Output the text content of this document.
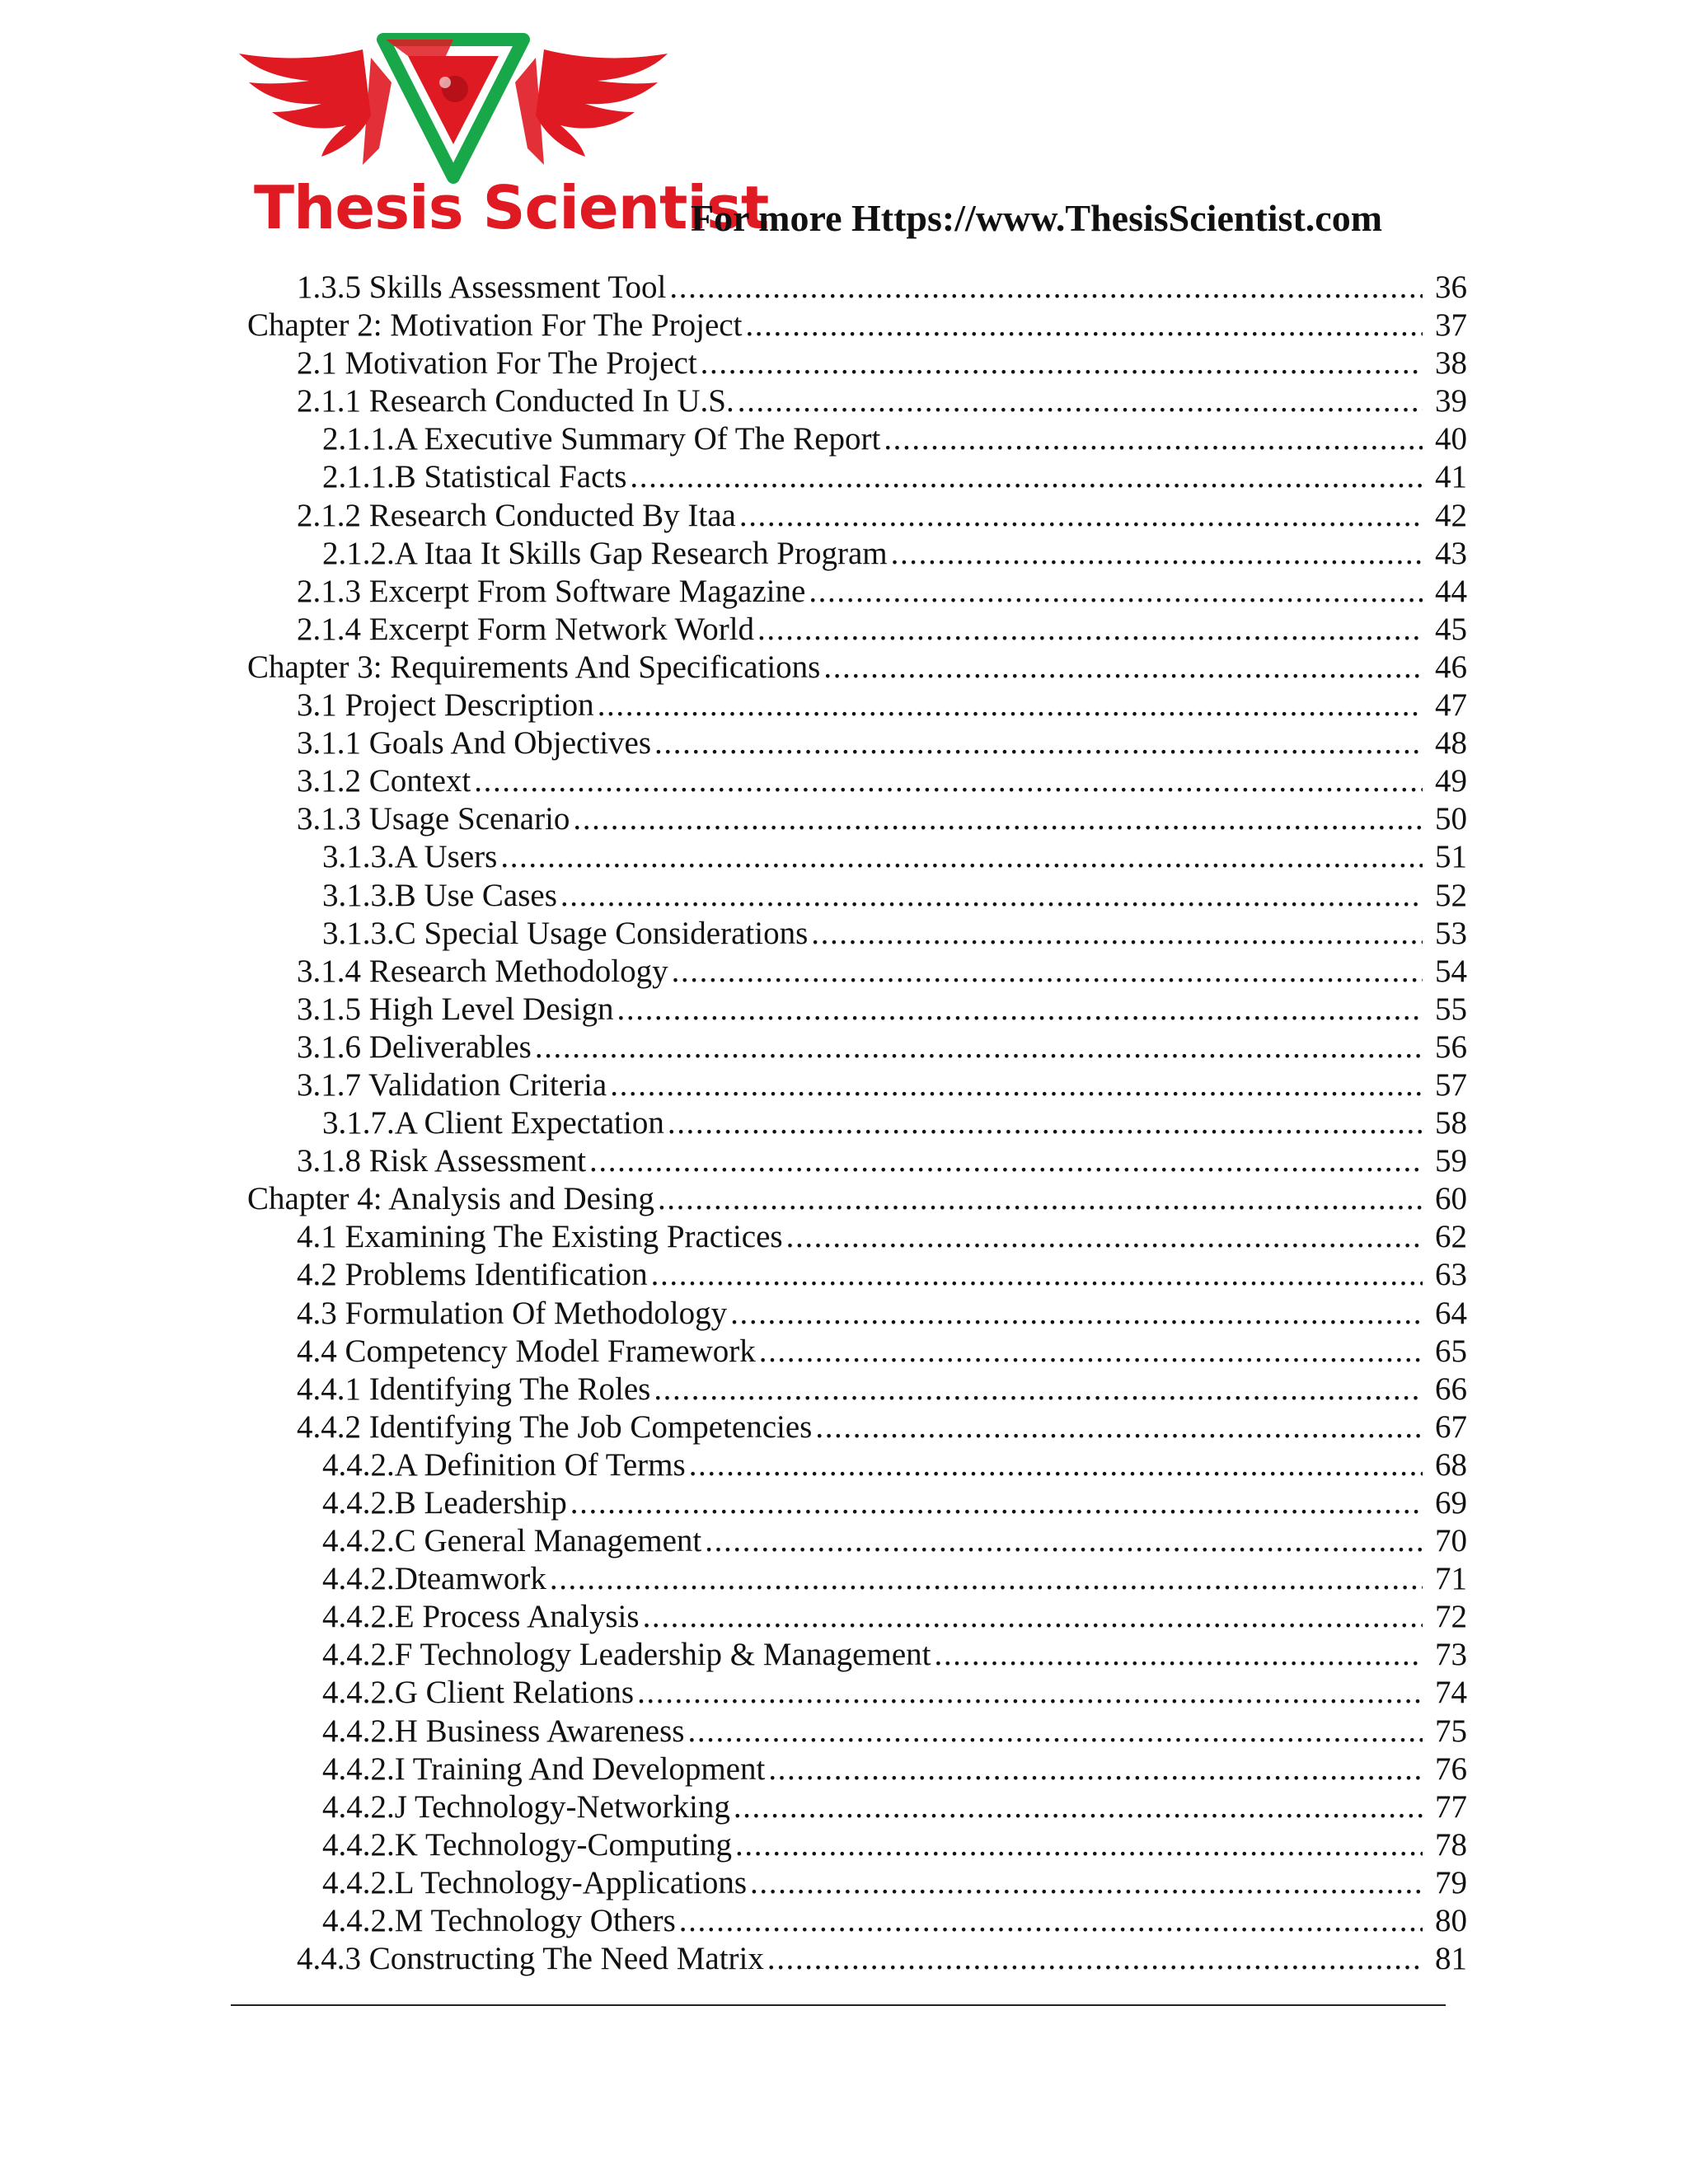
Thesis Scientist
For more Https://www.ThesisScientist.com
1.3.5 Skills Assessment Tool .....	36
Chapter 2: Motivation For The Project .....	37
2.1 Motivation For The Project .....	38
2.1.1 Research Conducted In U.S. .....	39
2.1.1.A Executive Summary Of The Report .....	40
2.1.1.B Statistical Facts .....	41
2.1.2 Research Conducted By Itaa .....	42
2.1.2.A Itaa It Skills Gap Research Program .....	43
2.1.3 Excerpt From Software Magazine .....	44
2.1.4 Excerpt Form Network World .....	45
Chapter 3: Requirements And Specifications .....	46
3.1 Project Description .....	47
3.1.1 Goals And Objectives .....	48
3.1.2 Context .....	49
3.1.3 Usage Scenario .....	50
3.1.3.A Users .....	51
3.1.3.B Use Cases .....	52
3.1.3.C Special Usage Considerations .....	53
3.1.4 Research Methodology .....	54
3.1.5 High Level Design .....	55
3.1.6 Deliverables .....	56
3.1.7 Validation Criteria .....	57
3.1.7.A Client Expectation .....	58
3.1.8 Risk Assessment .....	59
Chapter 4: Analysis and Desing .....	60
4.1 Examining The Existing Practices .....	62
4.2 Problems Identification .....	63
4.3 Formulation Of Methodology .....	64
4.4 Competency Model Framework .....	65
4.4.1 Identifying The Roles .....	66
4.4.2 Identifying The Job Competencies .....	67
4.4.2.A Definition Of Terms .....	68
4.4.2.B Leadership .....	69
4.4.2.C General Management .....	70
4.4.2.Dteamwork .....	71
4.4.2.E Process Analysis .....	72
4.4.2.F Technology Leadership & Management .....	73
4.4.2.G Client Relations .....	74
4.4.2.H Business Awareness .....	75
4.4.2.I Training And Development .....	76
4.4.2.J Technology-Networking .....	77
4.4.2.K Technology-Computing .....	78
4.4.2.L Technology-Applications .....	79
4.4.2.M Technology Others .....	80
4.4.3 Constructing The Need Matrix .....	81
